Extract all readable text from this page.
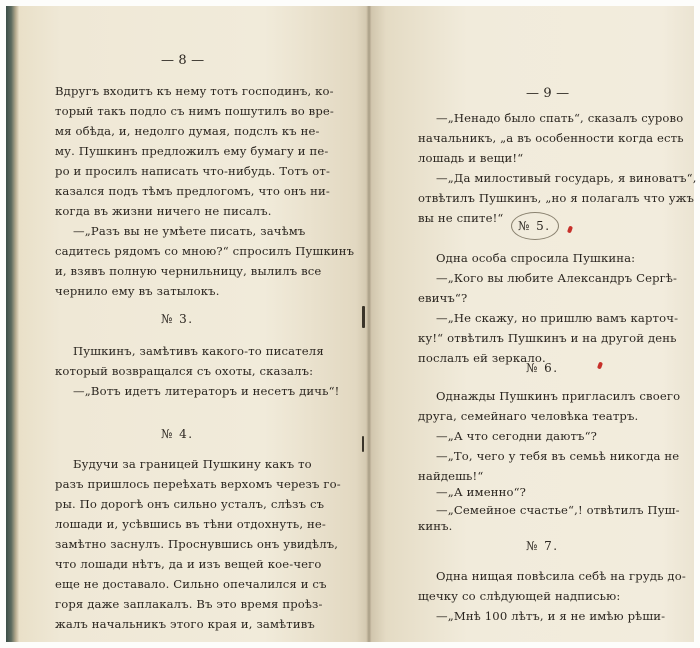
— 8 —
Вдругъ входитъ къ нему тотъ господинъ, ко-
торый такъ подло съ нимъ пошутилъ во вре-
мя обѣда, и, недолго думая, подслъ къ не-
му. Пушкинъ предложилъ ему бумагу и пе-
ро и просилъ написать что-нибудь. Тотъ от-
казался подъ тѣмъ предлогомъ, что онъ ни-
когда въ жизни ничего не писалъ.
—„Разъ вы не умѣете писать, зачѣмъ
садитесь рядомъ со мною?“ спросилъ Пушкинъ
и, взявъ полную чернильницу, вылилъ все
чернило ему въ затылокъ.
№ 3.
Пушкинъ, замѣтивъ какого-то писателя
который возвращался съ охоты, сказалъ:
—„Вотъ идетъ литераторъ и несетъ дичь“!
№ 4.
Будучи за границей Пушкину какъ то
разъ пришлось переѣхать верхомъ черезъ го-
ры. По дорогѣ онъ сильно усталъ, слѣзъ съ
лошади и, усѣвшись въ тѣни отдохнуть, не-
замѣтно заснулъ. Проснувшись онъ увидѣлъ,
что лошади нѣтъ, да и изъ вещей кое-чего
еще не доставало. Сильно опечалился и съ
горя даже заплакалъ. Въ это время проѣз-
жалъ начальникъ этого края и, замѣтивъ
— 9 —
—„Ненадо было спать“, сказалъ сурово
начальникъ, „а въ особенности когда есть
лошадь и вещи!“
—„Да милостивый государь, я виноватъ“,
отвѣтилъ Пушкинъ, „но я полагалъ что ужъ
вы не спите!“
№ 5.
Одна особа спросила Пушкина:
—„Кого вы любите Александръ Сергѣ-
евичъ“?
—„Не скажу, но пришлю вамъ карточ-
ку!“ отвѣтилъ Пушкинъ и на другой день
послалъ ей зеркало.
№ 6.
Однажды Пушкинъ пригласилъ своего
друга, семейнаго человѣка театръ.
—„А что сегодни даютъ“?
—„То, чего у тебя въ семьѣ никогда не
найдешь!“
—„А именно“?
—„Семейное счастье“,! отвѣтилъ Пуш-
кинъ.
№ 7.
Одна нищая повѣсила себѣ на грудь до-
щечку со слѣдующей надписью:
—„Мнѣ 100 лѣтъ, и я не имѣю рѣши-
